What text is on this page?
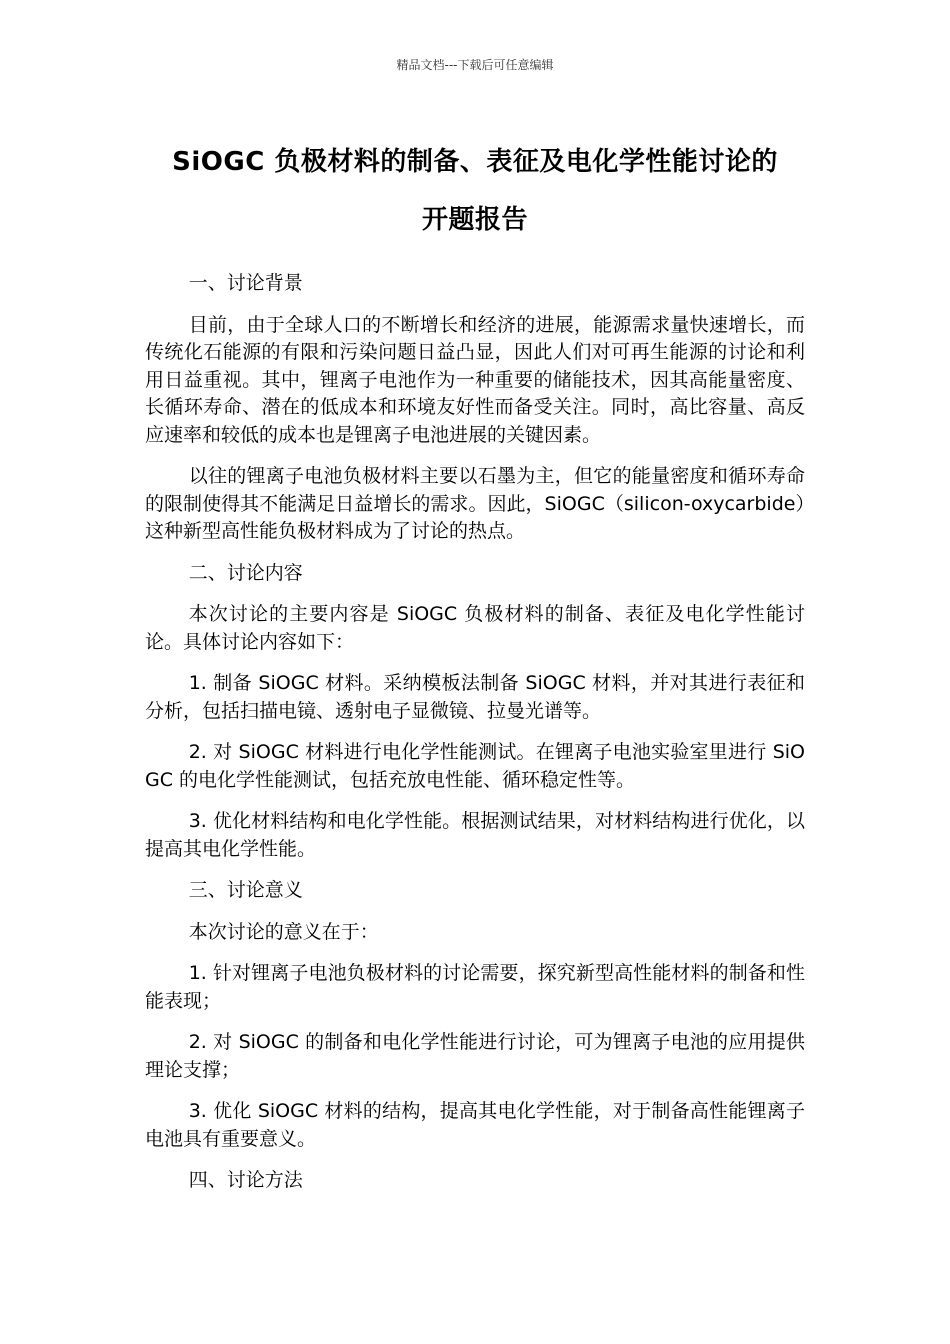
精品文档---下载后可任意编辑
SiOGC 负极材料的制备、表征及电化学性能讨论的
开题报告
一、讨论背景

目前，由于全球人口的不断增长和经济的进展，能源需求量快速增长，而传统化石能源的有限和污染问题日益凸显，因此人们对可再生能源的讨论和利用日益重视。其中，锂离子电池作为一种重要的储能技术，因其高能量密度、长循环寿命、潜在的低成本和环境友好性而备受关注。同时，高比容量、高反应速率和较低的成本也是锂离子电池进展的关键因素。

以往的锂离子电池负极材料主要以石墨为主，但它的能量密度和循环寿命的限制使得其不能满足日益增长的需求。因此，SiOGC（silicon-oxycarbide）这种新型高性能负极材料成为了讨论的热点。

二、讨论内容

本次讨论的主要内容是 SiOGC 负极材料的制备、表征及电化学性能讨论。具体讨论内容如下：

1. 制备 SiOGC 材料。采纳模板法制备 SiOGC 材料，并对其进行表征和分析，包括扫描电镜、透射电子显微镜、拉曼光谱等。

2. 对 SiOGC 材料进行电化学性能测试。在锂离子电池实验室里进行 SiOGC 的电化学性能测试，包括充放电性能、循环稳定性等。

3. 优化材料结构和电化学性能。根据测试结果，对材料结构进行优化，以提高其电化学性能。

三、讨论意义

本次讨论的意义在于：

1. 针对锂离子电池负极材料的讨论需要，探究新型高性能材料的制备和性能表现；

2. 对 SiOGC 的制备和电化学性能进行讨论，可为锂离子电池的应用提供理论支撑；

3. 优化 SiOGC 材料的结构，提高其电化学性能，对于制备高性能锂离子电池具有重要意义。

四、讨论方法
